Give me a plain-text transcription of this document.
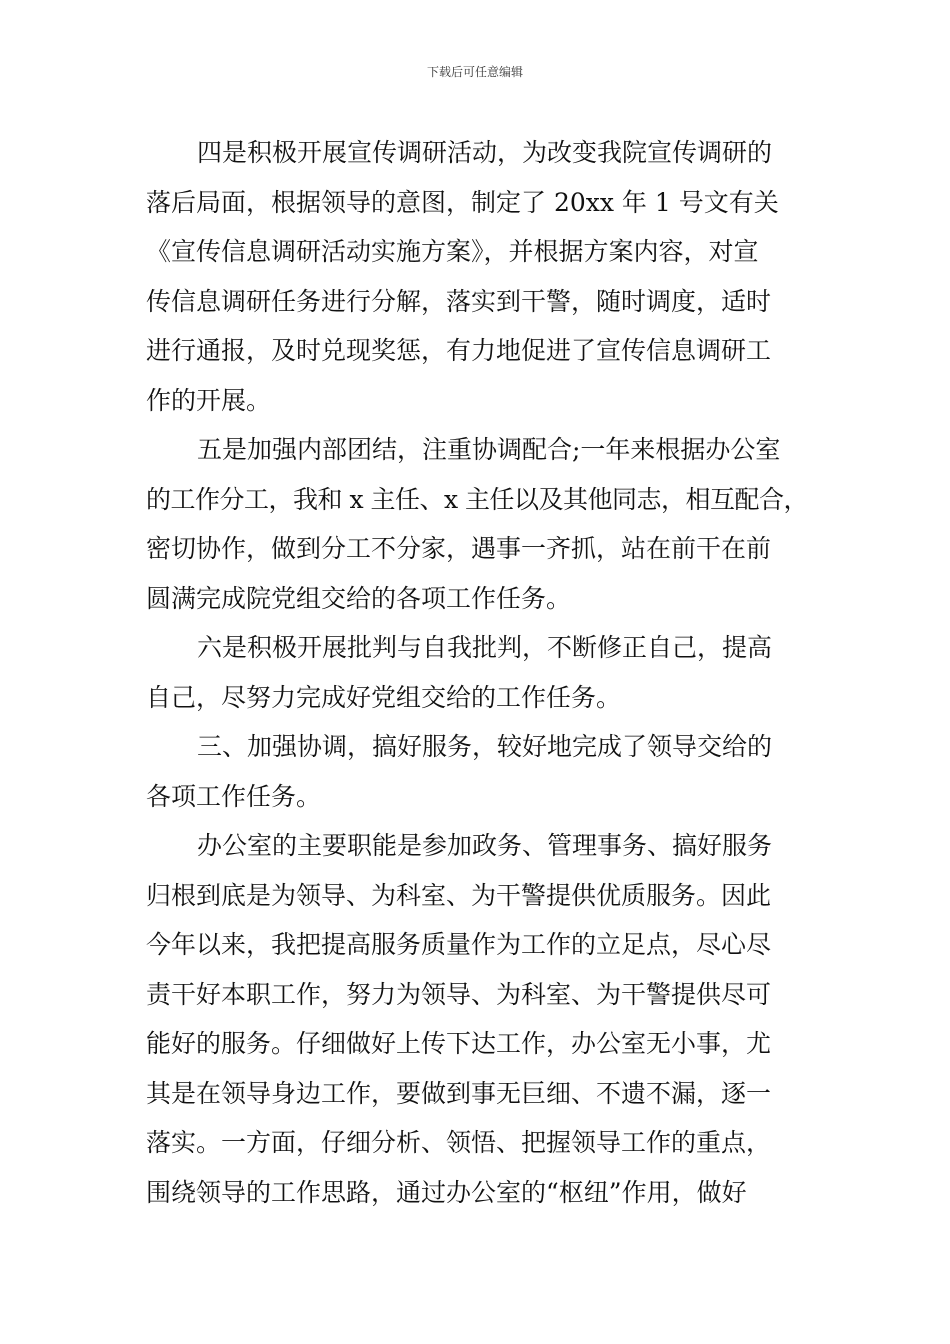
下载后可任意编辑
四是积极开展宣传调研活动，为改变我院宣传调研的
落后局面，根据领导的意图，制定了 20xx 年 1 号文有关
《宣传信息调研活动实施方案》，并根据方案内容，对宣
传信息调研任务进行分解，落实到干警，随时调度，适时
进行通报，及时兑现奖惩，有力地促进了宣传信息调研工
作的开展。
五是加强内部团结，注重协调配合;一年来根据办公室
的工作分工，我和 x 主任、x 主任以及其他同志，相互配合，
密切协作，做到分工不分家，遇事一齐抓，站在前干在前
圆满完成院党组交给的各项工作任务。
六是积极开展批判与自我批判，不断修正自己，提高
自己，尽努力完成好党组交给的工作任务。
三、加强协调，搞好服务，较好地完成了领导交给的
各项工作任务。
办公室的主要职能是参加政务、管理事务、搞好服务
归根到底是为领导、为科室、为干警提供优质服务。因此
今年以来，我把提高服务质量作为工作的立足点，尽心尽
责干好本职工作，努力为领导、为科室、为干警提供尽可
能好的服务。仔细做好上传下达工作，办公室无小事，尤
其是在领导身边工作，要做到事无巨细、不遗不漏，逐一
落实。一方面，仔细分析、领悟、把握领导工作的重点，
围绕领导的工作思路，通过办公室的“枢纽”作用，做好
